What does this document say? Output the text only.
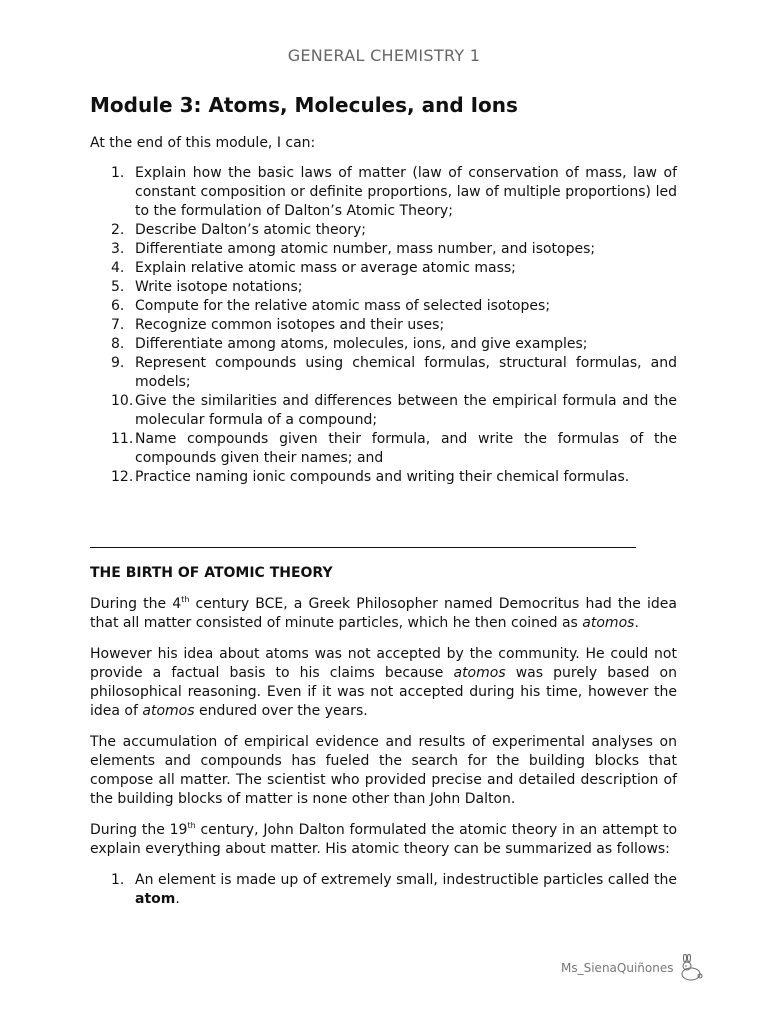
GENERAL CHEMISTRY 1
Module 3: Atoms, Molecules, and Ions
At the end of this module, I can:
1. Explain how the basic laws of matter (law of conservation of mass, law of constant composition or definite proportions, law of multiple proportions) led to the formulation of Dalton’s Atomic Theory;
2. Describe Dalton’s atomic theory;
3. Differentiate among atomic number, mass number, and isotopes;
4. Explain relative atomic mass or average atomic mass;
5. Write isotope notations;
6. Compute for the relative atomic mass of selected isotopes;
7. Recognize common isotopes and their uses;
8. Differentiate among atoms, molecules, ions, and give examples;
9. Represent compounds using chemical formulas, structural formulas, and models;
10. Give the similarities and differences between the empirical formula and the molecular formula of a compound;
11. Name compounds given their formula, and write the formulas of the compounds given their names; and
12. Practice naming ionic compounds and writing their chemical formulas.
THE BIRTH OF ATOMIC THEORY

During the 4th century BCE, a Greek Philosopher named Democritus had the idea that all matter consisted of minute particles, which he then coined as atomos.

However his idea about atoms was not accepted by the community. He could not provide a factual basis to his claims because atomos was purely based on philosophical reasoning. Even if it was not accepted during his time, however the idea of atomos endured over the years.

The accumulation of empirical evidence and results of experimental analyses on elements and compounds has fueled the search for the building blocks that compose all matter. The scientist who provided precise and detailed description of the building blocks of matter is none other than John Dalton.

During the 19th century, John Dalton formulated the atomic theory in an attempt to explain everything about matter. His atomic theory can be summarized as follows:

1. An element is made up of extremely small, indestructible particles called the atom.
Ms_SienaQuiñones
